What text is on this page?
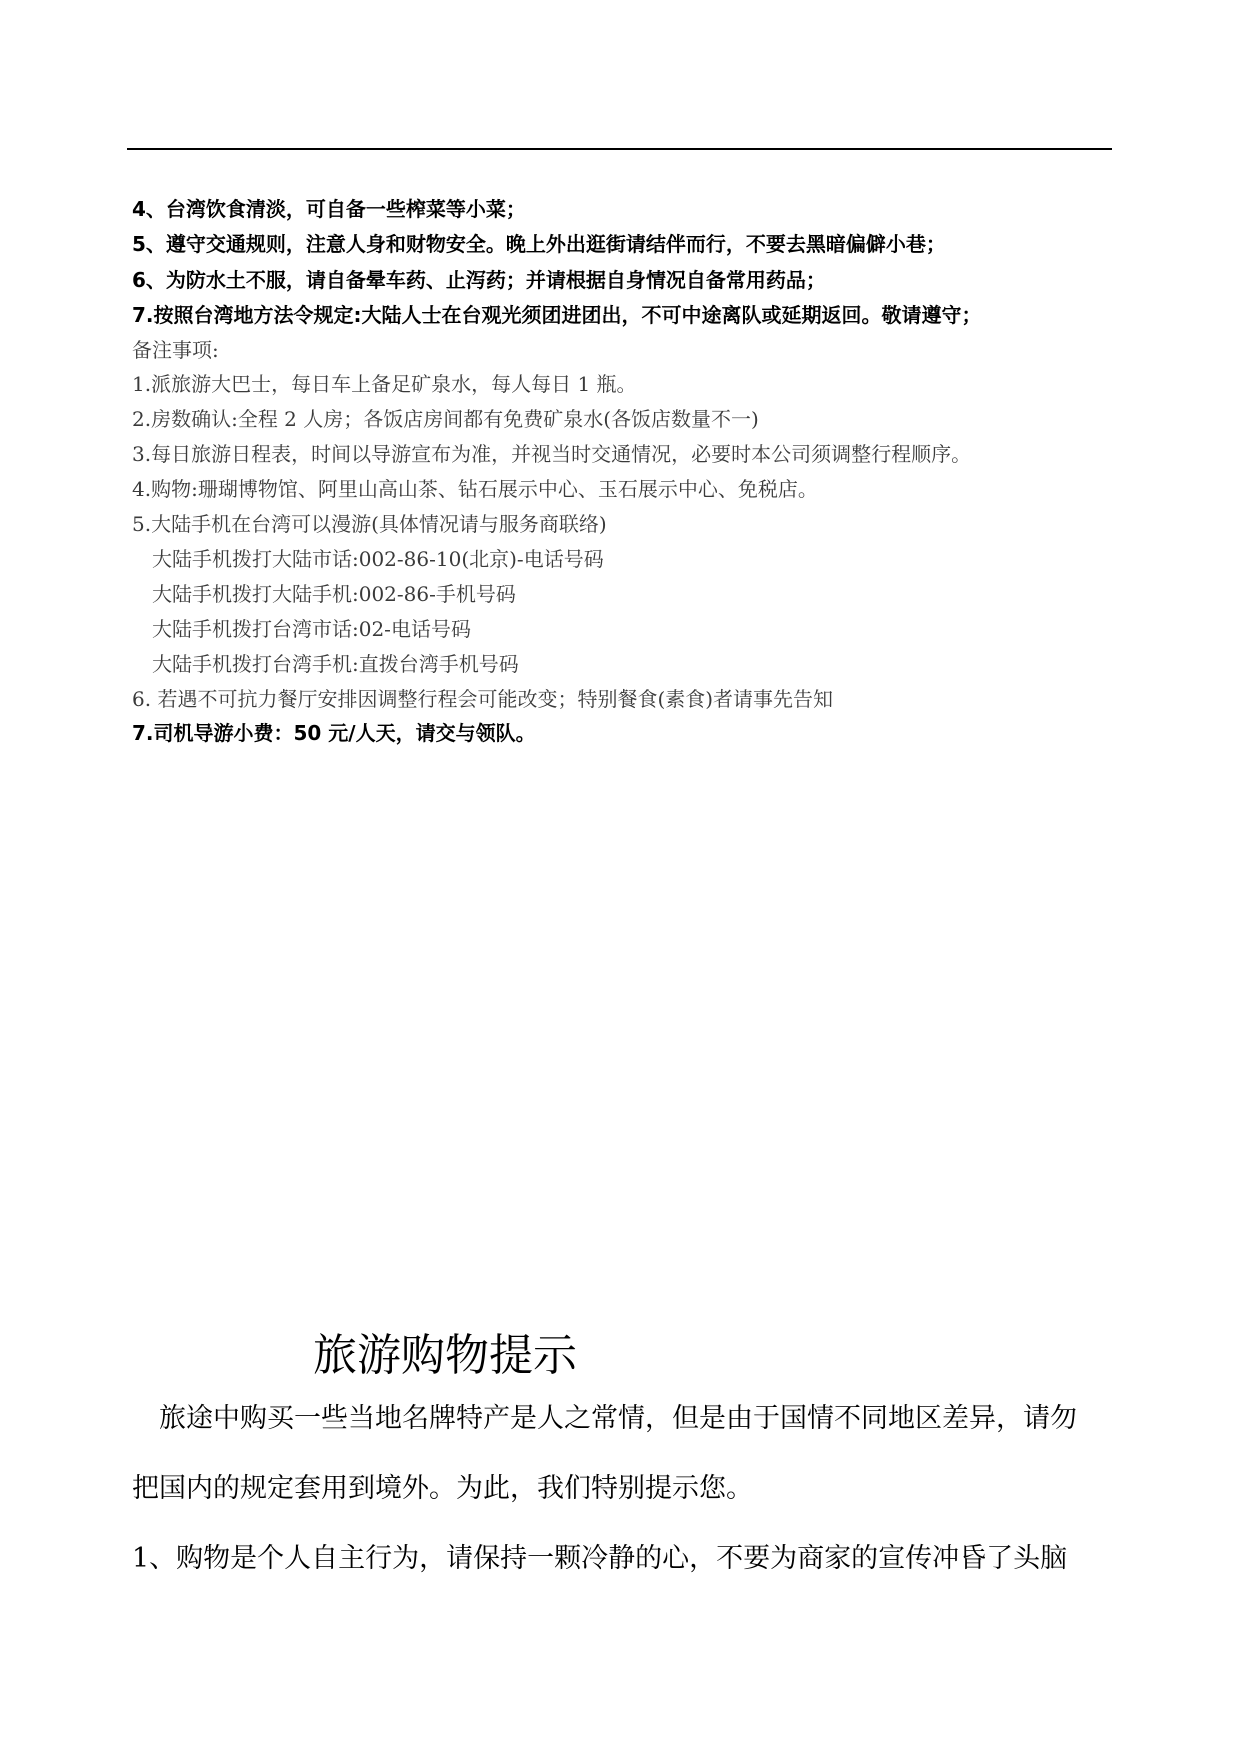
4、台湾饮食清淡，可自备一些榨菜等小菜；
5、遵守交通规则，注意人身和财物安全。晚上外出逛街请结伴而行，不要去黑暗偏僻小巷；
6、为防水土不服，请自备晕车药、止泻药；并请根据自身情况自备常用药品；
7.按照台湾地方法令规定:大陆人士在台观光须团进团出，不可中途离队或延期返回。敬请遵守；
备注事项:
1.派旅游大巴士，每日车上备足矿泉水，每人每日 1 瓶。
2.房数确认:全程 2 人房；各饭店房间都有免费矿泉水(各饭店数量不一)
3.每日旅游日程表，时间以导游宣布为准，并视当时交通情况，必要时本公司须调整行程顺序。
4.购物:珊瑚博物馆、阿里山高山茶、钻石展示中心、玉石展示中心、免税店。
5.大陆手机在台湾可以漫游(具体情况请与服务商联络)
大陆手机拨打大陆市话:002-86-10(北京)-电话号码
大陆手机拨打大陆手机:002-86-手机号码
大陆手机拨打台湾市话:02-电话号码
大陆手机拨打台湾手机:直拨台湾手机号码
6. 若遇不可抗力餐厅安排因调整行程会可能改变；特别餐食(素食)者请事先告知
7.司机导游小费：50 元/人天，请交与领队。
旅游购物提示
旅途中购买一些当地名牌特产是人之常情，但是由于国情不同地区差异，请勿
把国内的规定套用到境外。为此，我们特别提示您。
1、购物是个人自主行为，请保持一颗冷静的心，不要为商家的宣传冲昏了头脑
